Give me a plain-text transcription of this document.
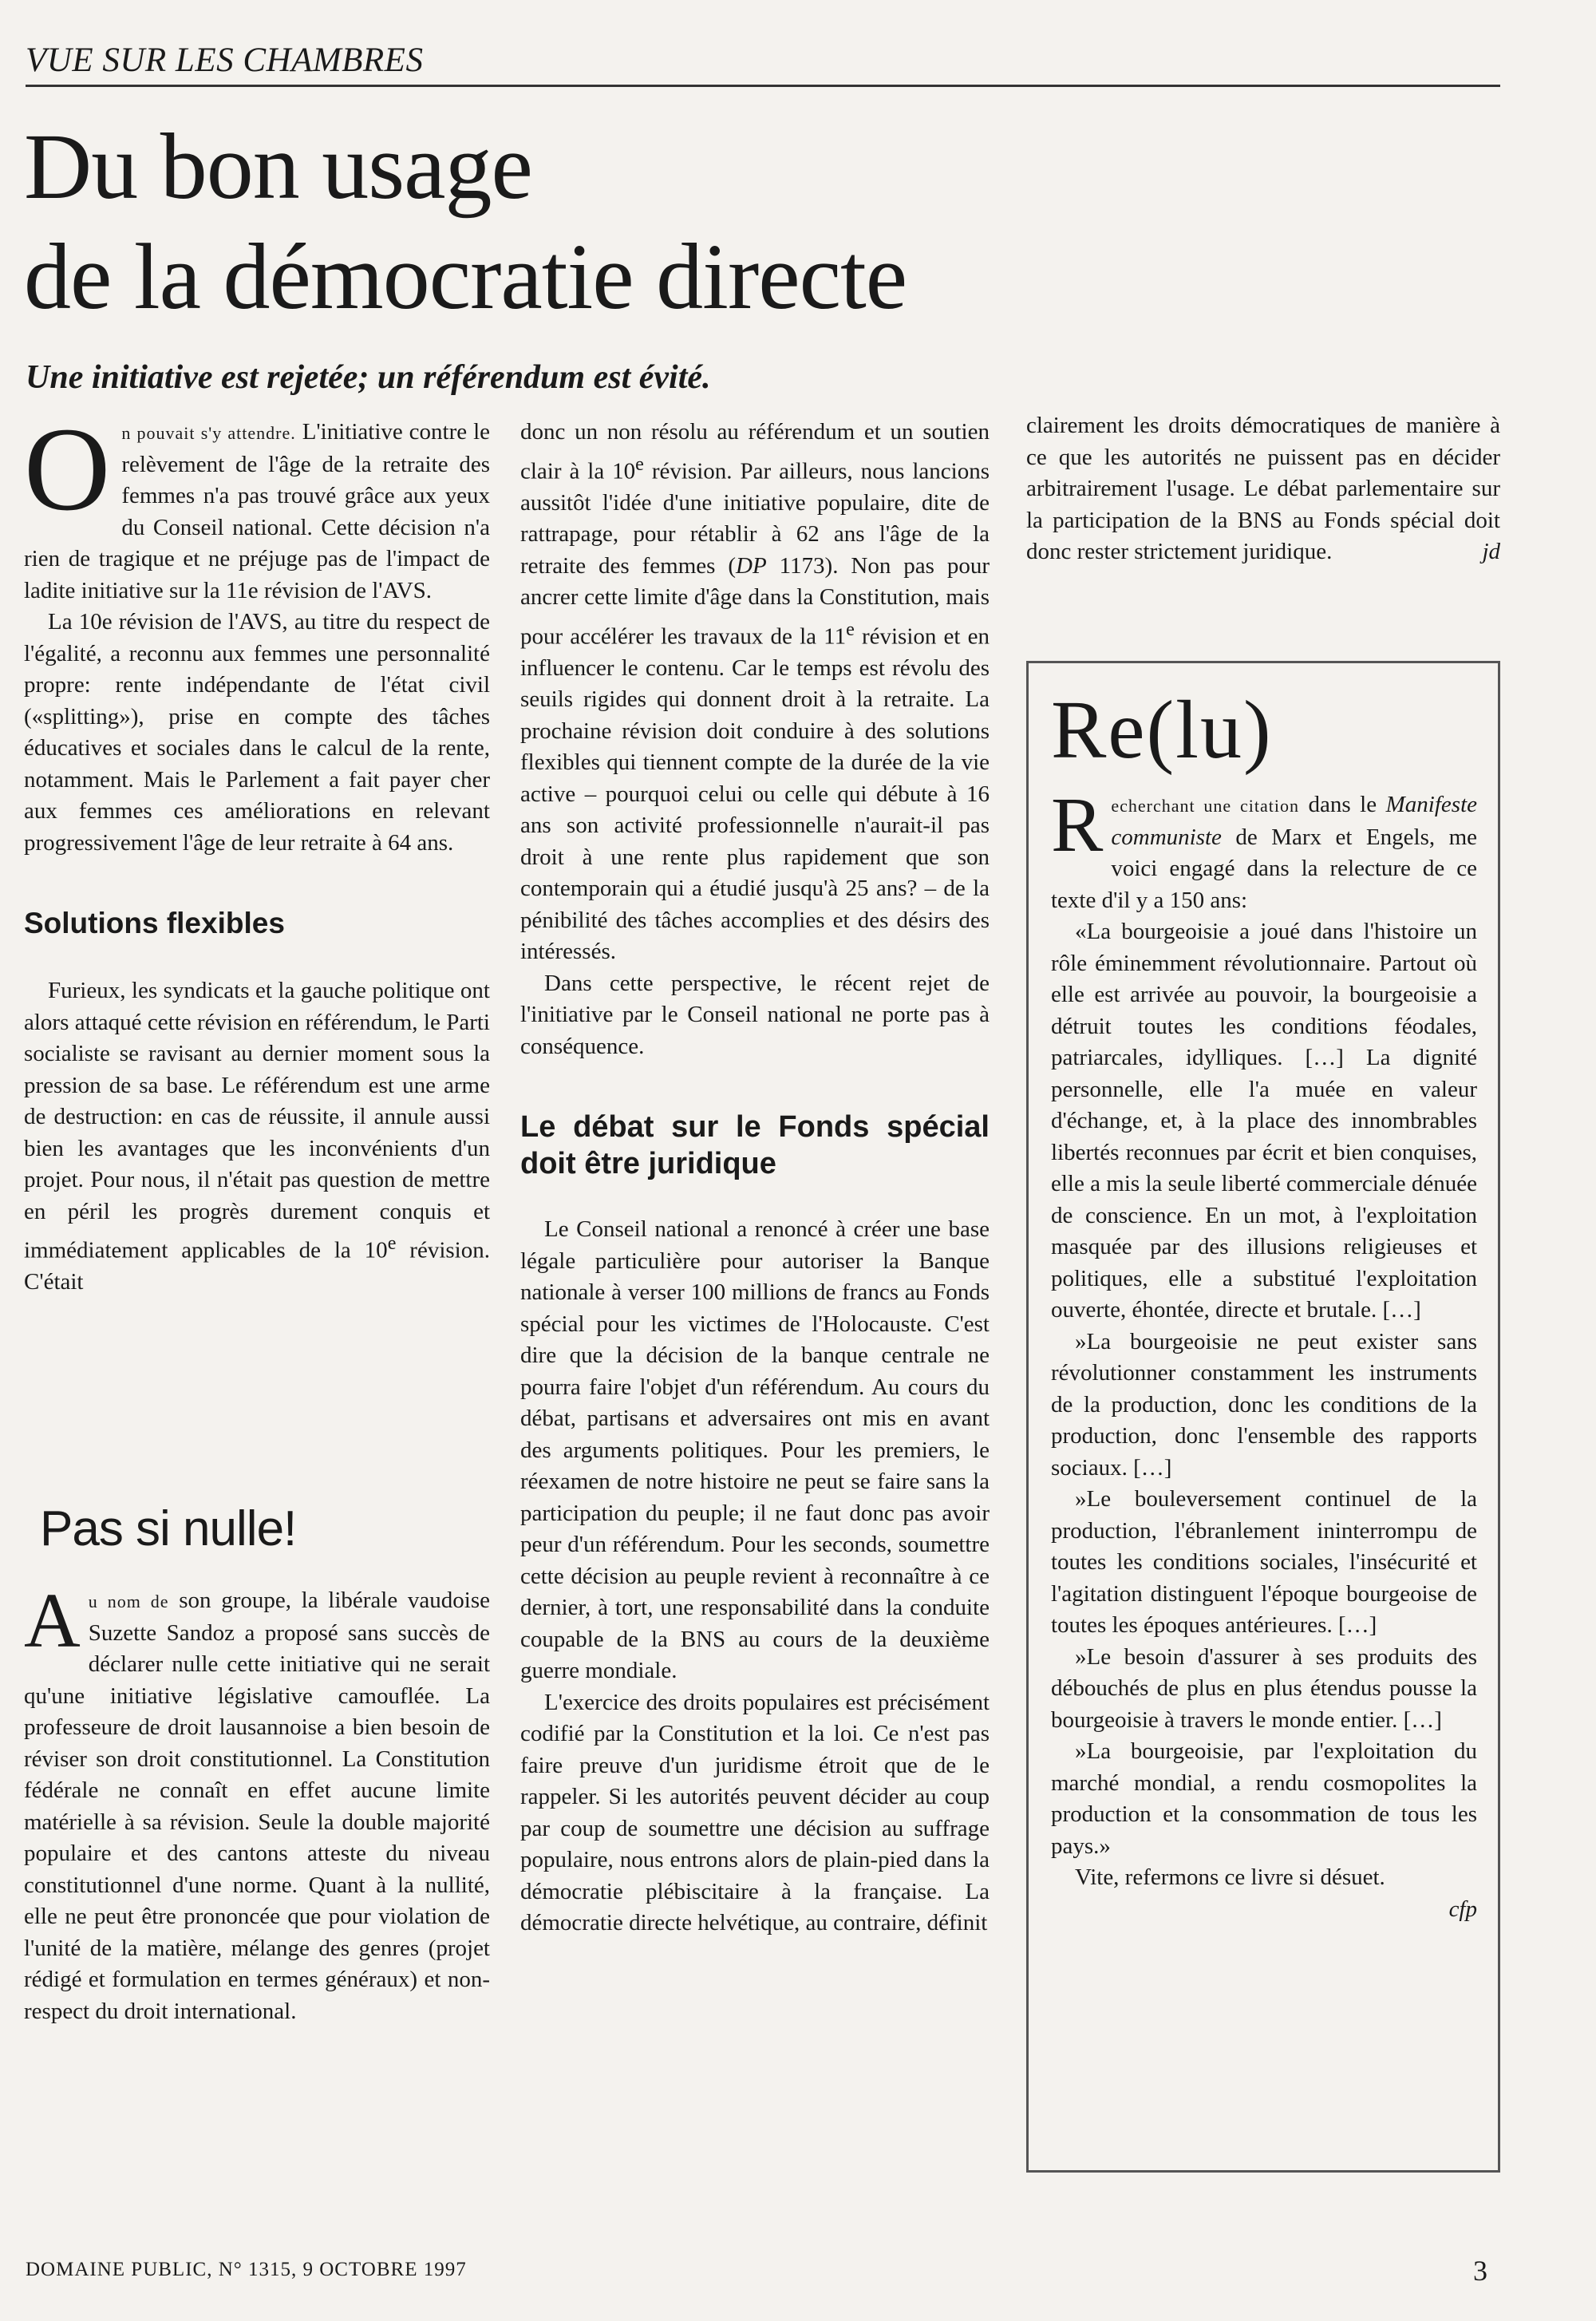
VUE SUR LES CHAMBRES
Du bon usage
de la démocratie directe
Une initiative est rejetée; un référendum est évité.

O n pouvait s'y attendre. L'initiative contre le relèvement de l'âge de la retraite des femmes n'a pas trouvé grâce aux yeux du Conseil national. Cette décision n'a rien de tragique et ne préjuge pas de l'impact de ladite initiative sur la 11e révision de l'AVS.

La 10e révision de l'AVS, au titre du respect de l'égalité, a reconnu aux femmes une personnalité propre: rente indépendante de l'état civil («splitting»), prise en compte des tâches éducatives et sociales dans le calcul de la rente, notamment. Mais le Parlement a fait payer cher aux femmes ces améliorations en relevant progressivement l'âge de leur retraite à 64 ans.

Solutions flexibles

Furieux, les syndicats et la gauche politique ont alors attaqué cette révision en référendum, le Parti socialiste se ravisant au dernier moment sous la pression de sa base. Le référendum est une arme de destruction: en cas de réussite, il annule aussi bien les avantages que les inconvénients d'un projet. Pour nous, il n'était pas question de mettre en péril les progrès durement conquis et immédiatement applicables de la 10e révision. C'était

Pas si nulle!

A u nom de son groupe, la libérale vaudoise Suzette Sandoz a proposé sans succès de déclarer nulle cette initiative qui ne serait qu'une initiative législative camouflée. La professeure de droit lausannoise a bien besoin de réviser son droit constitutionnel. La Constitution fédérale ne connaît en effet aucune limite matérielle à sa révision. Seule la double majorité populaire et des cantons atteste du niveau constitutionnel d'une norme. Quant à la nullité, elle ne peut être prononcée que pour violation de l'unité de la matière, mélange des genres (projet rédigé et formulation en termes généraux) et non-respect du droit international.

donc un non résolu au référendum et un soutien clair à la 10e révision. Par ailleurs, nous lancions aussitôt l'idée d'une initiative populaire, dite de rattrapage, pour rétablir à 62 ans l'âge de la retraite des femmes (DP 1173). Non pas pour ancrer cette limite d'âge dans la Constitution, mais pour accélérer les travaux de la 11e révision et en influencer le contenu. Car le temps est révolu des seuils rigides qui donnent droit à la retraite. La prochaine révision doit conduire à des solutions flexibles qui tiennent compte de la durée de la vie active – pourquoi celui ou celle qui débute à 16 ans son activité professionnelle n'aurait-il pas droit à une rente plus rapidement que son contemporain qui a étudié jusqu'à 25 ans? – de la pénibilité des tâches accomplies et des désirs des intéressés.

Dans cette perspective, le récent rejet de l'initiative par le Conseil national ne porte pas à conséquence.

Le débat sur le Fonds spécial doit être juridique

Le Conseil national a renoncé à créer une base légale particulière pour autoriser la Banque nationale à verser 100 millions de francs au Fonds spécial pour les victimes de l'Holocauste. C'est dire que la décision de la banque centrale ne pourra faire l'objet d'un référendum. Au cours du débat, partisans et adversaires ont mis en avant des arguments politiques. Pour les premiers, le réexamen de notre histoire ne peut se faire sans la participation du peuple; il ne faut donc pas avoir peur d'un référendum. Pour les seconds, soumettre cette décision au peuple revient à reconnaître à ce dernier, à tort, une responsabilité dans la conduite coupable de la BNS au cours de la deuxième guerre mondiale.

L'exercice des droits populaires est précisément codifié par la Constitution et la loi. Ce n'est pas faire preuve d'un juridisme étroit que de le rappeler. Si les autorités peuvent décider au coup par coup de soumettre une décision au suffrage populaire, nous entrons alors de plain-pied dans la démocratie plébiscitaire à la française. La démocratie directe helvétique, au contraire, définit

clairement les droits démocratiques de manière à ce que les autorités ne puissent pas en décider arbitrairement l'usage. Le débat parlementaire sur la participation de la BNS au Fonds spécial doit donc rester strictement juridique.	jd
Re(lu)

R echerchant une citation dans le Manifeste communiste de Marx et Engels, me voici engagé dans la relecture de ce texte d'il y a 150 ans:

«La bourgeoisie a joué dans l'histoire un rôle éminemment révolutionnaire. Partout où elle est arrivée au pouvoir, la bourgeoisie a détruit toutes les conditions féodales, patriarcales, idylliques. […] La dignité personnelle, elle l'a muée en valeur d'échange, et, à la place des innombrables libertés reconnues par écrit et bien conquises, elle a mis la seule liberté commerciale dénuée de conscience. En un mot, à l'exploitation masquée par des illusions religieuses et politiques, elle a substitué l'exploitation ouverte, éhontée, directe et brutale. […]

»La bourgeoisie ne peut exister sans révolutionner constamment les instruments de la production, donc les conditions de la production, donc l'ensemble des rapports sociaux. […]

»Le bouleversement continuel de la production, l'ébranlement ininterrompu de toutes les conditions sociales, l'insécurité et l'agitation distinguent l'époque bourgeoise de toutes les époques antérieures. […]

»Le besoin d'assurer à ses produits des débouchés de plus en plus étendus pousse la bourgeoisie à travers le monde entier. […]

»La bourgeoisie, par l'exploitation du marché mondial, a rendu cosmopolites la production et la consommation de tous les pays.»

Vite, refermons ce livre si désuet.

cfp
DOMAINE PUBLIC, N° 1315, 9 OCTOBRE 1997	3
